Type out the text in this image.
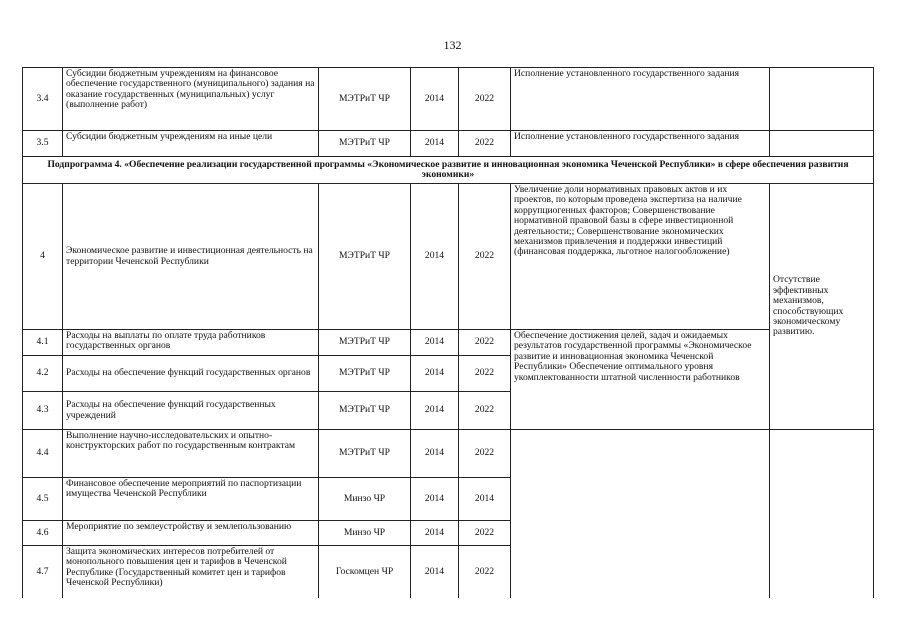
132
3.4	Субсидии бюджетным учреждениям на финансовое обеспечение государственного (муниципального) задания на оказание государственных (муниципальных) услуг (выполнение работ)	МЭТРиТ ЧР	2014	2022	Исполнение установленного государственного задания	
3.5	Субсидии бюджетным учреждениям на иные цели	МЭТРиТ ЧР	2014	2022	Исполнение установленного государственного задания	
Подпрограмма 4. «Обеспечение реализации государственной программы «Экономическое развитие и инновационная экономика Чеченской Республики» в сфере обеспечения развития экономики»						
4	Экономическое развитие и инвестиционная деятельность на территории Чеченской Республики	МЭТРиТ ЧР	2014	2022	Увеличение доли нормативных правовых актов и их проектов, по которым проведена экспертиза на наличие коррупциогенных факторов; Совершенствование нормативной правовой базы в сфере инвестиционной деятельности;; Совершенствование экономических механизмов привлечения и поддержки инвестиций (финансовая поддержка, льготное налогообложение)	Отсутствие эффективных механизмов, способствующих экономическому развитию.
4.1	Расходы на выплаты по оплате труда работников государственных органов	МЭТРиТ ЧР	2014	2022	Обеспечение достижения целей, задач и ожидаемых результатов государственной программы «Экономическое развитие и инновационная экономика Чеченской Республики» Обеспечение оптимального уровня укомплектованности штатной численности работников	
4.2	Расходы на обеспечение функций государственных органов	МЭТРиТ ЧР	2014	2022		
4.3	Расходы на обеспечение функций государственных учреждений	МЭТРиТ ЧР	2014	2022		
4.4	Выполнение научно-исследовательских и опытно-конструкторских работ по государственным контрактам	МЭТРиТ ЧР	2014	2022		
4.5	Финансовое обеспечение мероприятий по паспортизации имущества Чеченской Республики	Минзо ЧР	2014	2014		
4.6	Мероприятие по землеустройству и землепользованию	Минзо ЧР	2014	2022		
4.7	Защита экономических интересов потребителей от монопольного повышения цен и тарифов в Чеченской Республике (Государственный комитет цен и тарифов Чеченской Республики)	Госкомцен ЧР	2014	2022		
